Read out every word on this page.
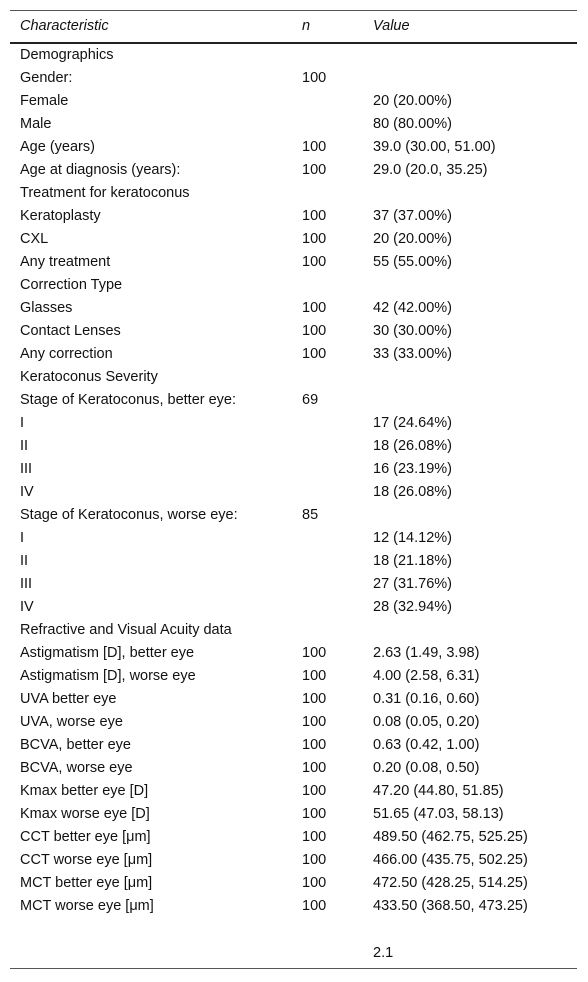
Characteristic	n	Value
Demographics		
Gender:	100	
Female		20 (20.00%)
Male		80 (80.00%)
Age (years)	100	39.0 (30.00, 51.00)
Age at diagnosis (years):	100	29.0 (20.0, 35.25)
Treatment for keratoconus		
Keratoplasty	100	37 (37.00%)
CXL	100	20 (20.00%)
Any treatment	100	55 (55.00%)
Correction Type		
Glasses	100	42 (42.00%)
Contact Lenses	100	30 (30.00%)
Any correction	100	33 (33.00%)
Keratoconus Severity		
Stage of Keratoconus, better eye:	69	
I		17 (24.64%)
II		18 (26.08%)
III		16 (23.19%)
IV		18 (26.08%)
Stage of Keratoconus, worse eye:	85	
I		12 (14.12%)
II		18 (21.18%)
III		27 (31.76%)
IV		28 (32.94%)
Refractive and Visual Acuity data		
Astigmatism [D], better eye	100	2.63 (1.49, 3.98)
Astigmatism [D], worse eye	100	4.00 (2.58, 6.31)
UVA better eye	100	0.31 (0.16, 0.60)
UVA, worse eye	100	0.08 (0.05, 0.20)
BCVA, better eye	100	0.63 (0.42, 1.00)
BCVA, worse eye	100	0.20 (0.08, 0.50)
Kmax better eye [D]	100	47.20 (44.80, 51.85)
Kmax worse eye [D]	100	51.65 (47.03, 58.13)
CCT better eye [μm]	100	489.50 (462.75, 525.25)
CCT worse eye [μm]	100	466.00 (435.75, 502.25)
MCT better eye [μm]	100	472.50 (428.25, 514.25)
MCT worse eye [μm]	100	433.50 (368.50, 473.25)

		2.1
